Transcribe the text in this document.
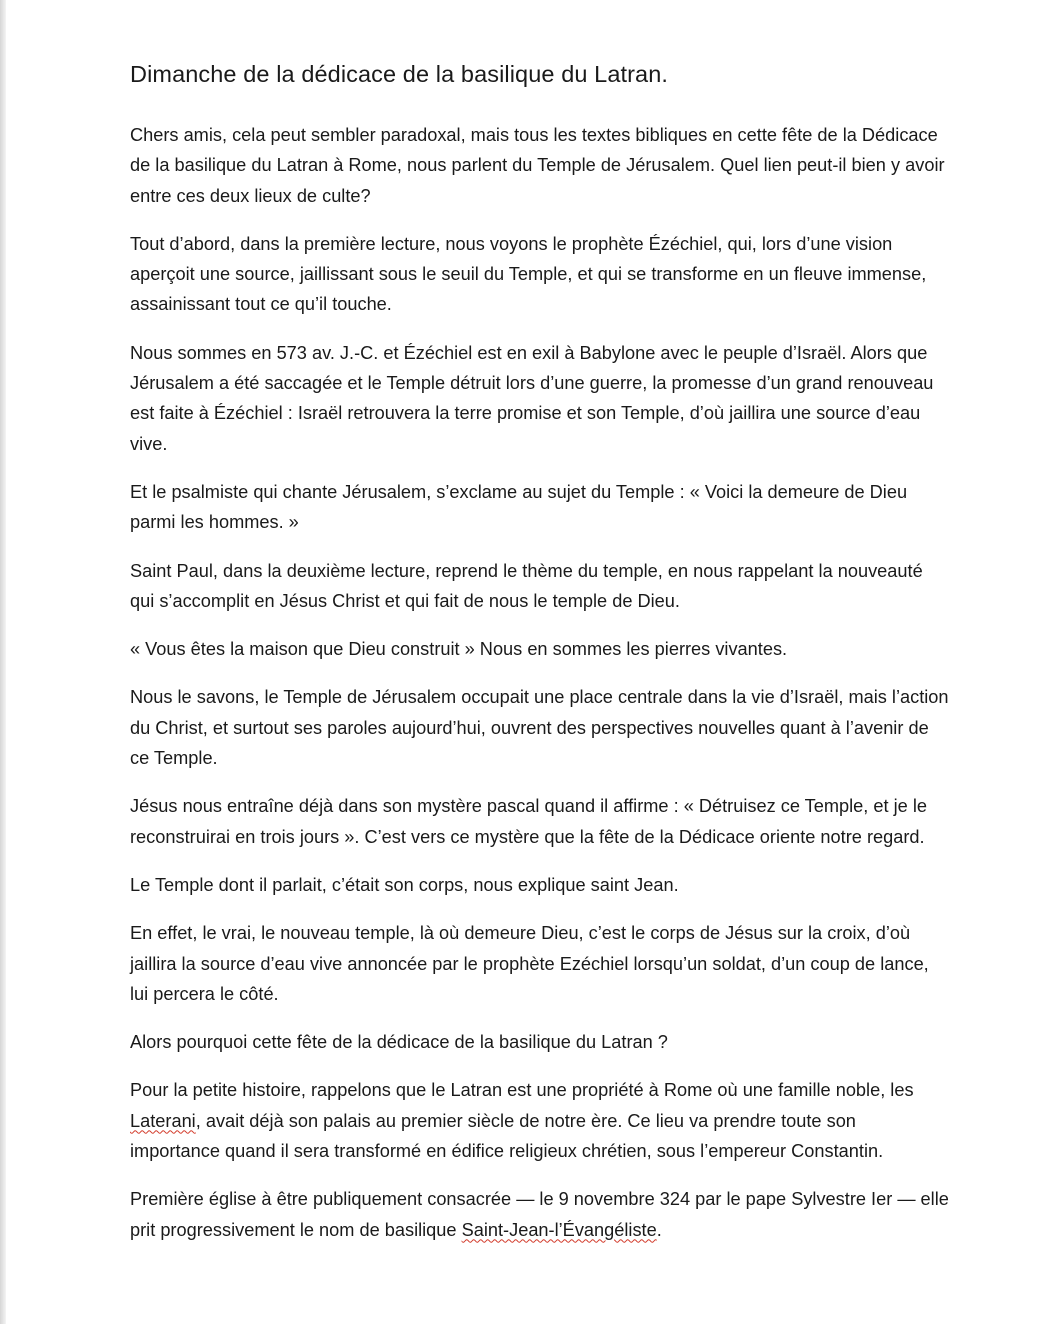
Dimanche de la dédicace de la basilique du Latran.

Chers amis, cela peut sembler paradoxal, mais tous les textes bibliques en cette fête de la Dédicace de la basilique du Latran à Rome, nous parlent du Temple de Jérusalem. Quel lien peut-il bien y avoir entre ces deux lieux de culte?

Tout d’abord, dans la première lecture, nous voyons le prophète Ézéchiel, qui, lors d’une vision aperçoit une source, jaillissant sous le seuil du Temple, et qui se transforme en un fleuve immense, assainissant tout ce qu’il touche.

Nous sommes en 573 av. J.-C. et Ézéchiel est en exil à Babylone avec le peuple d’Israël. Alors que Jérusalem a été saccagée et le Temple détruit lors d’une guerre, la promesse d’un grand renouveau est faite à Ézéchiel : Israël retrouvera la terre promise et son Temple, d’où jaillira une source d’eau vive.

Et le psalmiste qui chante Jérusalem, s’exclame au sujet du Temple : « Voici la demeure de Dieu parmi les hommes. »

Saint Paul, dans la deuxième lecture, reprend le thème du temple, en nous rappelant la nouveauté qui s’accomplit en Jésus Christ et qui fait de nous le temple de Dieu.

« Vous êtes la maison que Dieu construit » Nous en sommes les pierres vivantes.

Nous le savons, le Temple de Jérusalem occupait une place centrale dans la vie d’Israël, mais l’action du Christ, et surtout ses paroles aujourd’hui, ouvrent des perspectives nouvelles quant à l’avenir de ce Temple.

Jésus nous entraîne déjà dans son mystère pascal quand il affirme : « Détruisez ce Temple, et je le reconstruirai en trois jours ». C’est vers ce mystère que la fête de la Dédicace oriente notre regard.

Le Temple dont il parlait, c’était son corps, nous explique saint Jean.

En effet, le vrai, le nouveau temple, là où demeure Dieu, c’est le corps de Jésus sur la croix, d’où jaillira la source d’eau vive annoncée par le prophète Ezéchiel lorsqu’un soldat, d’un coup de lance, lui percera le côté.

Alors pourquoi cette fête de la dédicace de la basilique du Latran ?

Pour la petite histoire, rappelons que le Latran est une propriété à Rome où une famille noble, les Laterani, avait déjà son palais au premier siècle de notre ère. Ce lieu va prendre toute son importance quand il sera transformé en édifice religieux chrétien, sous l’empereur Constantin.

Première église à être publiquement consacrée — le 9 novembre 324 par le pape Sylvestre Ier — elle prit progressivement le nom de basilique Saint-Jean-l’Évangéliste.
